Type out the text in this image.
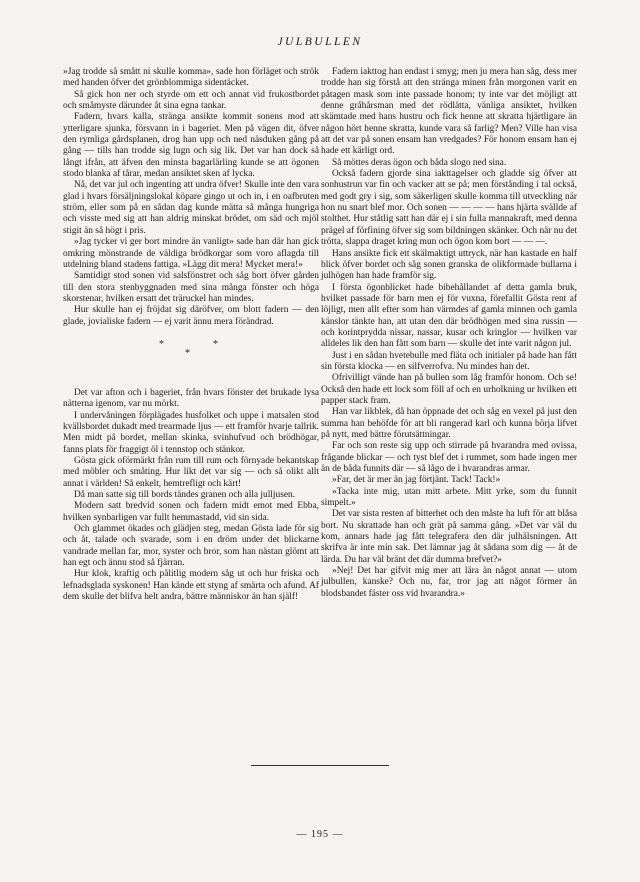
JULBULLEN

»Jag trodde så smått ni skulle komma», sade hon förläget och strök med handen öfver det grönblommiga sidentäcket.

Så gick hon ner och styrde om ett och annat vid frukostbordet och småmyste därunder åt sina egna tankar.

Fadern, hvars kalla, stränga ansikte kommit sonens mod att ytterligare sjunka, försvann in i bageriet. Men på vägen dit, öfver den rymliga gårdsplanen, drog han upp och ned näsduken gång på gång — tills han trodde sig lugn och sig lik. Det var han dock så långt ifrån, att äfven den minsta bagarlärling kunde se att ögonen stodo blanka af tårar, medan ansiktet sken af lycka.

Nå, det var jul och ingenting att undra öfver! Skulle inte den vara glad i hvars försäljningslokal köpare gingo ut och in, i en oafbruten ström, eller som på en sådan dag kunde mätta så många hungriga och visste med sig att han aldrig minskat brödet, om säd och mjöl stigit än så högt i pris.

»Jag tycker vi ger bort mindre än vanligt» sade han där han gick omkring mönstrande de väldiga brödkorgar som voro aflagda till utdelning bland stadens fattiga. »Lägg dit mera! Mycket mera!»

Samtidigt stod sonen vid salsfönstret och såg bort öfver gården till den stora stenbyggnaden med sina många fönster och höga skorstenar, hvilken ersatt det träruckel han mindes.

Hur skulle han ej fröjdat sig däröfver, om blott fadern — den glade, jovialiske fadern — ej varit ännu mera förändrad.

*	*
*

Det var afton och i bageriet, från hvars fönster det brukade lysa nätterna igenom, var nu mörkt.

I undervåningen förplägades husfolket och uppe i matsalen stod kvällsbordet dukadt med trearmade ljus — ett framför hvarje tallrik. Men midt på bordet, mellan skinka, svinhufvud och brödhögar, fanns plats för fraggigt öl i tennstop och stänkor.

Gösta gick oförmärkt från rum till rum och förnyade bekantskap med möbler och småting. Hur likt det var sig — och så olikt allt annat i världen! Så enkelt, hemtrefligt och kärt!

Då man satte sig till bords tändes granen och alla julljusen.

Modern satt bredvid sonen och fadern midt emot med Ebba, hvilken synbarligen var fullt hemmastadd, vid sin sida.

Och glammet ökades och glädjen steg, medan Gösta lade för sig och åt, talade och svarade, som i en dröm under det blickarne vandrade mellan far, mor, syster och bror, som han nästan glömt att han egt och ännu stod så fjärran.

Hur klok, kraftig och pålitlig modern såg ut och hur friska och lefnadsglada syskonen! Han kände ett styng af smärta och afund. Af dem skulle det blifva helt andra, bättre människor än han själf!

Fadern iakttog han endast i smyg; men ju mera han såg, dess mer trodde han sig förstå att den stränga minen från morgonen varit en påtagen mask som inte passade honom; ty inte var det möjligt att denne gråhårsman med det rödlätta, vänliga ansiktet, hvilken skämtade med hans hustru och fick henne att skratta hjärtligare än någon hört henne skratta, kunde vara så farlig? Men? Ville han visa att det var på sonen ensam han vredgades? För honom ensam han ej hade ett kärligt ord.

Så möttes deras ögon och båda slogo ned sina.

Också fadern gjorde sina iakttagelser och gladde sig öfver att sonhustrun var fin och vacker att se på; men förstånding i tal också, med godt gry i sig, som säkerligen skulle komma till utveckling när hon nu snart blef mor. Och sonen — — — — hans hjärta svällde af stolthet. Hur ståtlig satt han där ej i sin fulla mannakraft, med denna prägel af förfining öfver sig som bildningen skänker. Och när nu det trötta, slappa draget kring mun och ögon kom bort — — —.

Hans ansikte fick ett skälmaktigt uttryck, när han kastade en half blick öfver bordet och såg sonen granska de olikformade bullarna i julhögen han hade framför sig.

I första ögonblicket hade bibehållandet af detta gamla bruk, hvilket passade för barn men ej för vuxna, förefallit Gösta rent af löjligt, men allt efter som han värmdes af gamla minnen och gamla känslor tänkte han, att utan den där brödhögen med sina russin — och korintprydda nissar, nassar, kusar och kringlor — hvilken var alldeles lik den han fått som barn — skulle det inte varit någon jul.

Just i en sådan hvetebulle med flätа och initialer på hade han fått sin första klocka — en silfverrofva. Nu mindes han det.

Ofrivilligt vände han på bullen som låg framför honom. Och se! Också den hade ett lock som föll af och en urholkning ur hvilken ett papper stack fram.

Han var likblek, då han öppnade det och såg en vexel på just den summa han behöfde för att bli rangerad karl och kunna börja lifvet på nytt, med bättre förutsättningar.

Far och son reste sig upp och stirrade på hvarandra med ovissa, frågande blickar — och tyst blef det i rummet, som hade ingen mer än de båda funnits där — så lågo de i hvarandras armar.

»Far, det är mer än jag förtjänt. Tack! Tack!»

»Tacka inte mig, utan mitt arbete. Mitt yrke, som du funnit simpelt.»

Det var sista resten af bitterhet och den måste ha luft för att blåsa bort. Nu skrattade han och grät på samma gång. »Det var väl du kom, annars hade jag fått telegrafera den där julhälsningen. Att skrifva är inte min sak. Det lämnar jag åt sådana som dig — åt de lärda. Du har väl bränt det där dumma brefvet?»

»Nej! Det har gifvit mig mer att lära än något annat — utom julbullen, kanske? Och nu, far, tror jag att något förmer än blodsbandet fäster oss vid hvarandra.»

— 195 —
